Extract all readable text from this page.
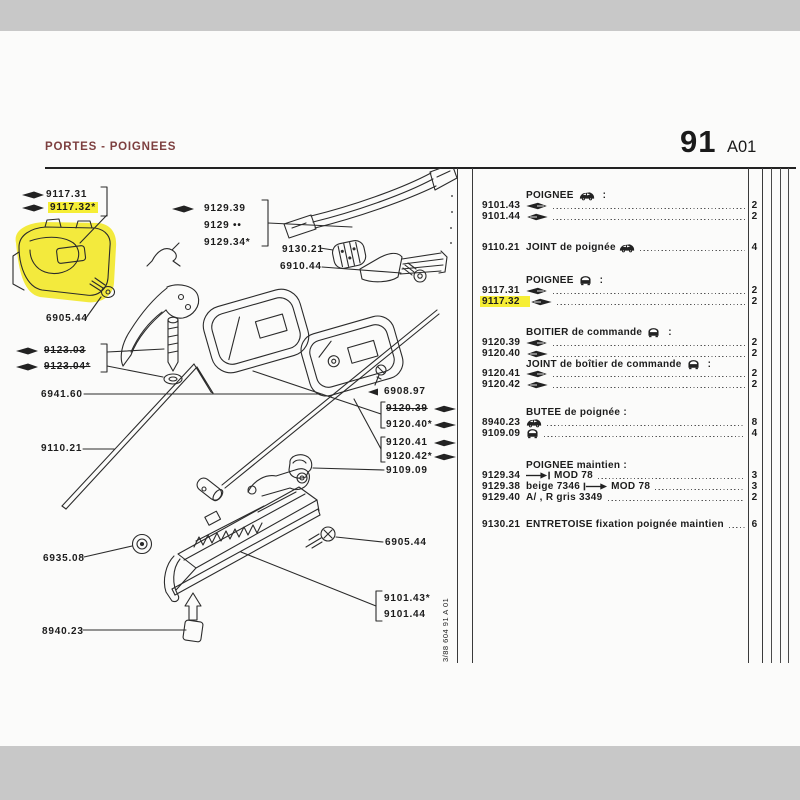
PORTES - POIGNEES	91 A01
3/88 604 91 A 01
9117.31
9117.32*	9129.39
9129 ••
9129.34*
9130.21
6910.44
6905.44
9123.03
9123.04*
6941.60
9110.21
6908.97
9120.39
9120.40*
9120.41
9120.42*
9109.09
6935.08
6905.44
9101.43*
9101.44
8940.23
POIGNEE	:
9101.43	2
9101.44	2
9110.21 JOINT de poignée	4
POIGNEE	:
9117.31	2
9117.32	2
BOITIER de commande	:
9120.39	2
9120.40	2
JOINT de boîtier de commande	:
9120.41	2
9120.42	2
BUTEE de poignée :
8940.23	8
9109.09	4
POIGNEE maintien :
9129.34	MOD 78	3
9129.38 beige 7346	MOD 78	3
9129.40 A/ , R gris 3349	2
9130.21 ENTRETOISE fixation poignée maintien	6
